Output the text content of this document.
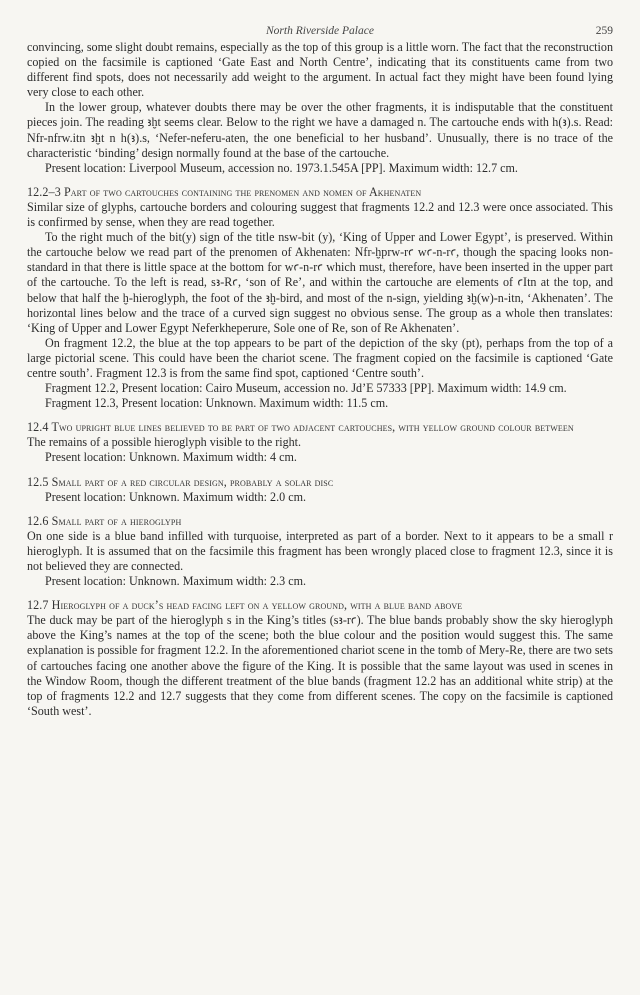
North Riverside Palace	259

convincing, some slight doubt remains, especially as the top of this group is a little worn. The fact that the reconstruction copied on the facsimile is captioned ‘Gate East and North Centre’, indicating that its constituents came from two different find spots, does not necessarily add weight to the argument. In actual fact they might have been found lying very close to each other.

In the lower group, whatever doubts there may be over the other fragments, it is indisputable that the constituent pieces join. The reading ꜣḫt seems clear. Below to the right we have a damaged n. The cartouche ends with h(ꜣ).s. Read: Nfr-nfrw.itn ꜣḫt n h(ꜣ).s, ‘Nefer-neferu-aten, the one beneficial to her husband’. Unusually, there is no trace of the characteristic ‘binding’ design normally found at the base of the cartouche.

Present location: Liverpool Museum, accession no. 1973.1.545A [PP]. Maximum width: 12.7 cm.

12.2–3 Part of two cartouches containing the prenomen and nomen of Akhenaten

Similar size of glyphs, cartouche borders and colouring suggest that fragments 12.2 and 12.3 were once associated. This is confirmed by sense, when they are read together.

To the right much of the bit(y) sign of the title nsw-bit (y), ‘King of Upper and Lower Egypt’, is preserved. Within the cartouche below we read part of the prenomen of Akhenaten: Nfr-ḫprw-rꜥ wꜥ-n-rꜥ, though the spacing looks non-standard in that there is little space at the bottom for wꜥ-n-rꜥ which must, therefore, have been inserted in the upper part of the cartouche. To the left is read, sꜣ-Rꜥ, ‘son of Re’, and within the cartouche are elements of ꜥItn at the top, and below that half the ḫ-hieroglyph, the foot of the ꜣḫ-bird, and most of the n-sign, yielding ꜣḫ(w)-n-itn, ‘Akhenaten’. The horizontal lines below and the trace of a curved sign suggest no obvious sense. The group as a whole then translates: ‘King of Upper and Lower Egypt Neferkheperure, Sole one of Re, son of Re Akhenaten’.

On fragment 12.2, the blue at the top appears to be part of the depiction of the sky (pt), perhaps from the top of a large pictorial scene. This could have been the chariot scene. The fragment copied on the facsimile is captioned ‘Gate centre south’. Fragment 12.3 is from the same find spot, captioned ‘Centre south’.

Fragment 12.2, Present location: Cairo Museum, accession no. Jd’E 57333 [PP]. Maximum width: 14.9 cm.

Fragment 12.3, Present location: Unknown. Maximum width: 11.5 cm.

12.4 Two upright blue lines believed to be part of two adjacent cartouches, with yellow ground colour between

The remains of a possible hieroglyph visible to the right.

Present location: Unknown. Maximum width: 4 cm.

12.5 Small part of a red circular design, probably a solar disc

Present location: Unknown. Maximum width: 2.0 cm.

12.6 Small part of a hieroglyph

On one side is a blue band infilled with turquoise, interpreted as part of a border. Next to it appears to be a small r hieroglyph. It is assumed that on the facsimile this fragment has been wrongly placed close to fragment 12.3, since it is not believed they are connected.

Present location: Unknown. Maximum width: 2.3 cm.

12.7 Hieroglyph of a duck’s head facing left on a yellow ground, with a blue band above

The duck may be part of the hieroglyph s in the King’s titles (sꜣ-rꜥ). The blue bands probably show the sky hieroglyph above the King’s names at the top of the scene; both the blue colour and the position would suggest this. The same explanation is possible for fragment 12.2. In the aforementioned chariot scene in the tomb of Mery-Re, there are two sets of cartouches facing one another above the figure of the King. It is possible that the same layout was used in scenes in the Window Room, though the different treatment of the blue bands (fragment 12.2 has an additional white strip) at the top of fragments 12.2 and 12.7 suggests that they come from different scenes. The copy on the facsimile is captioned ‘South west’.
